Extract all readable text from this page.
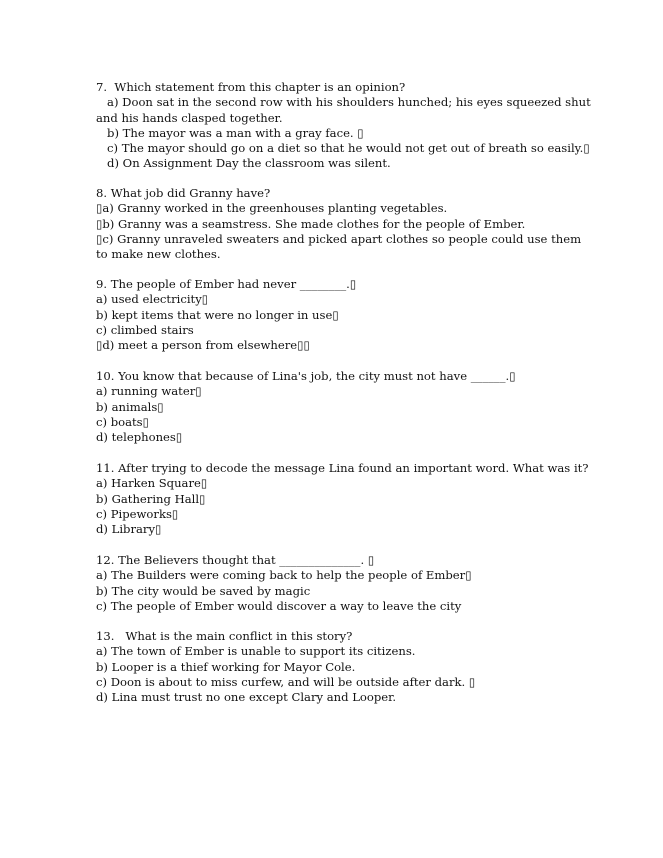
7.  Which statement from this chapter is an opinion?
a) Doon sat in the second row with his shoulders hunched; his eyes squeezed shut
and his hands clasped together.
b) The mayor was a man with a gray face. ▯
c) The mayor should go on a diet so that he would not get out of breath so easily.▯
d) On Assignment Day the classroom was silent.
8. What job did Granny have?
▯a) Granny worked in the greenhouses planting vegetables.
▯b) Granny was a seamstress. She made clothes for the people of Ember.
▯c) Granny unraveled sweaters and picked apart clothes so people could use them
to make new clothes.
9. The people of Ember had never ________.▯
a) used electricity▯
b) kept items that were no longer in use▯
c) climbed stairs
▯d) meet a person from elsewhere▯▯
10. You know that because of Lina's job, the city must not have ______.▯
a) running water▯
b) animals▯
c) boats▯
d) telephones▯
11. After trying to decode the message Lina found an important word. What was it?
a) Harken Square▯
b) Gathering Hall▯
c) Pipeworks▯
d) Library▯
12. The Believers thought that ______________. ▯
a) The Builders were coming back to help the people of Ember▯
b) The city would be saved by magic
c) The people of Ember would discover a way to leave the city
13.   What is the main conflict in this story?
a) The town of Ember is unable to support its citizens.
b) Looper is a thief working for Mayor Cole.
c) Doon is about to miss curfew, and will be outside after dark. ▯
d) Lina must trust no one except Clary and Looper.
